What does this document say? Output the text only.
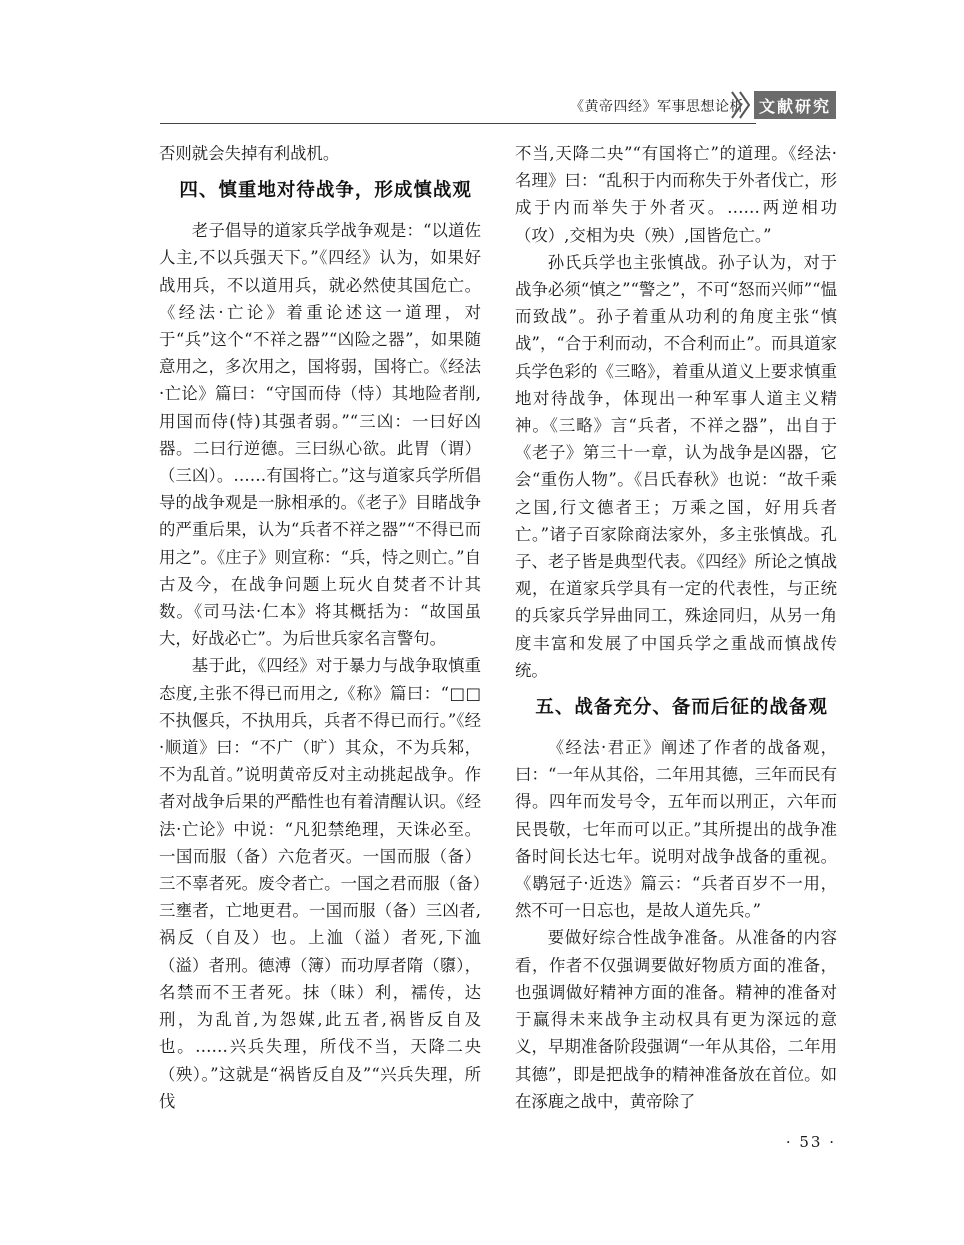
《黄帝四经》军事思想论析 文献研究

否则就会失掉有利战机。

四、慎重地对待战争，形成慎战观

老子倡导的道家兵学战争观是：“以道佐人主,不以兵强天下。”《四经》认为，如果好战用兵，不以道用兵，就必然使其国危亡。《经法·亡论》着重论述这一道理，对于“兵”这个“不祥之器”“凶险之器”，如果随意用之，多次用之，国将弱，国将亡。《经法·亡论》篇曰：“守国而侍（恃）其地险者削,用国而侍(恃)其强者弱。”“三凶：一曰好凶器。二曰行逆德。三曰纵心欲。此胃（谓）（三凶）。……有国将亡。”这与道家兵学所倡导的战争观是一脉相承的。《老子》目睹战争的严重后果，认为“兵者不祥之器”“不得已而用之”。《庄子》则宣称：“兵，恃之则亡。”自古及今，在战争问题上玩火自焚者不计其数。《司马法·仁本》将其概括为：“故国虽大，好战必亡”。为后世兵家名言警句。

基于此，《四经》对于暴力与战争取慎重态度,主张不得已而用之,《称》篇曰：“□□不执偃兵，不执用兵，兵者不得已而行。”《经·顺道》曰：“不广（旷）其众，不为兵邾，不为乱首。”说明黄帝反对主动挑起战争。作者对战争后果的严酷性也有着清醒认识。《经法·亡论》中说：“凡犯禁绝理，天诛必至。一国而服（备）六危者灭。一国而服（备）三不辜者死。废令者亡。一国之君而服（备）三壅者，亡地更君。一国而服（备）三凶者,祸反（自及）也。上洫（溢）者死,下洫（溢）者刑。德溥（簿）而功厚者隋（隳），名禁而不王者死。抹（昧）利，襦传，达刑，为乱首,为怨媒,此五者,祸皆反自及也。……兴兵失理，所伐不当，天降二央（殃）。”这就是“祸皆反自及”“兴兵失理，所伐

不当,天降二央”“有国将亡”的道理。《经法·名理》曰：“乱积于内而称失于外者伐亡，形成于内而举失于外者灭。……两逆相功（攻）,交相为央（殃）,国皆危亡。”

孙氏兵学也主张慎战。孙子认为，对于战争必须“慎之”“警之”，不可“怒而兴师”“愠而致战”。孙子着重从功利的角度主张“慎战”，“合于利而动，不合利而止”。而具道家兵学色彩的《三略》，着重从道义上要求慎重地对待战争，体现出一种军事人道主义精神。《三略》言“兵者，不祥之器”，出自于《老子》第三十一章，认为战争是凶器，它会“重伤人物”。《吕氏春秋》也说：“故千乘之国,行文德者王；万乘之国，好用兵者亡。”诸子百家除商法家外，多主张慎战。孔子、老子皆是典型代表。《四经》所论之慎战观，在道家兵学具有一定的代表性，与正统的兵家兵学异曲同工，殊途同归，从另一角度丰富和发展了中国兵学之重战而慎战传统。

五、战备充分、备而后征的战备观

《经法·君正》阐述了作者的战备观，曰：“一年从其俗，二年用其德，三年而民有得。四年而发号令，五年而以刑正，六年而民畏敬，七年而可以正。”其所提出的战争准备时间长达七年。说明对战争战备的重视。《鹖冠子·近迭》篇云：“兵者百岁不一用，然不可一日忘也，是故人道先兵。”

要做好综合性战争准备。从准备的内容看，作者不仅强调要做好物质方面的准备，也强调做好精神方面的准备。精神的准备对于赢得未来战争主动权具有更为深远的意义，早期准备阶段强调“一年从其俗，二年用其德”，即是把战争的精神准备放在首位。如在涿鹿之战中，黄帝除了

· 53 ·
